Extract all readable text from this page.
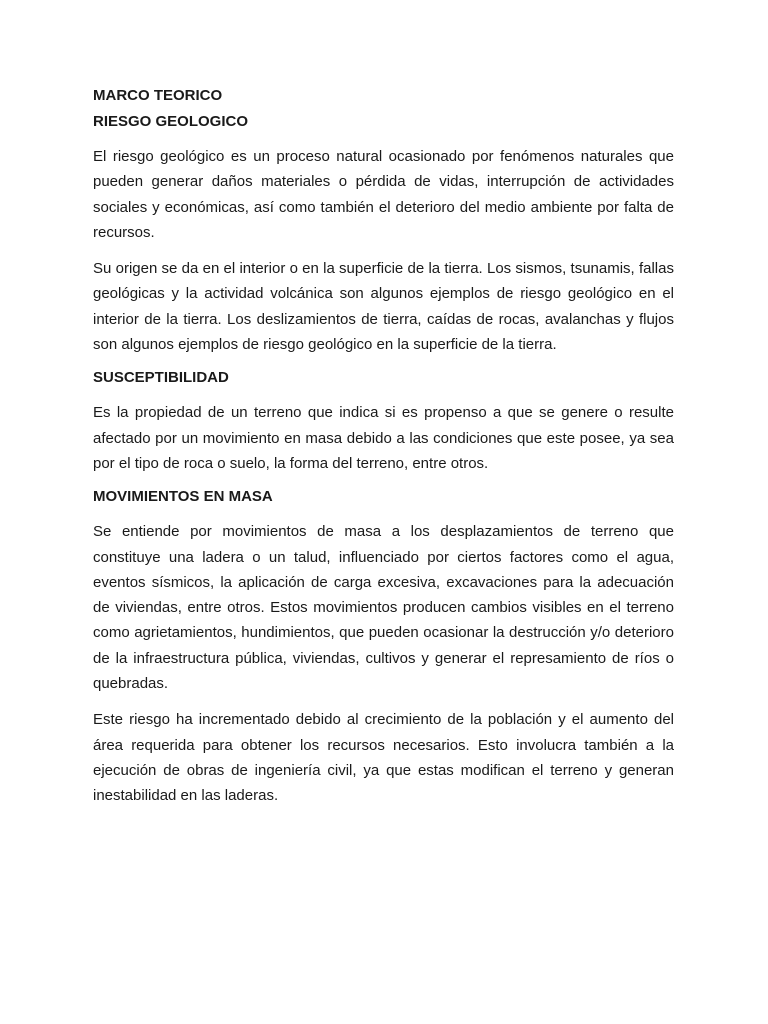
MARCO TEORICO

RIESGO GEOLOGICO

El riesgo geológico es un proceso natural ocasionado por fenómenos naturales que pueden generar daños materiales o pérdida de vidas, interrupción de actividades sociales y económicas, así como también el deterioro del medio ambiente por falta de recursos.

Su origen se da en el interior o en la superficie de la tierra. Los sismos, tsunamis, fallas geológicas y la actividad volcánica son algunos ejemplos de riesgo geológico en el interior de la tierra. Los deslizamientos de tierra, caídas de rocas, avalanchas y flujos son algunos ejemplos de riesgo geológico en la superficie de la tierra.

SUSCEPTIBILIDAD

Es la propiedad de un terreno que indica si es propenso a que se genere o resulte afectado por un movimiento en masa debido a las condiciones que este posee, ya sea por el tipo de roca o suelo, la forma del terreno, entre otros.

MOVIMIENTOS EN MASA

Se entiende por movimientos de masa a los desplazamientos de terreno que constituye una ladera o un talud, influenciado por ciertos factores como el agua, eventos sísmicos, la aplicación de carga excesiva, excavaciones para la adecuación de viviendas, entre otros. Estos movimientos producen cambios visibles en el terreno como agrietamientos, hundimientos, que pueden ocasionar la destrucción y/o deterioro de la infraestructura pública, viviendas, cultivos y generar el represamiento de ríos o quebradas.

Este riesgo ha incrementado debido al crecimiento de la población y el aumento del área requerida para obtener los recursos necesarios. Esto involucra también a la ejecución de obras de ingeniería civil, ya que estas modifican el terreno y generan inestabilidad en las laderas.
